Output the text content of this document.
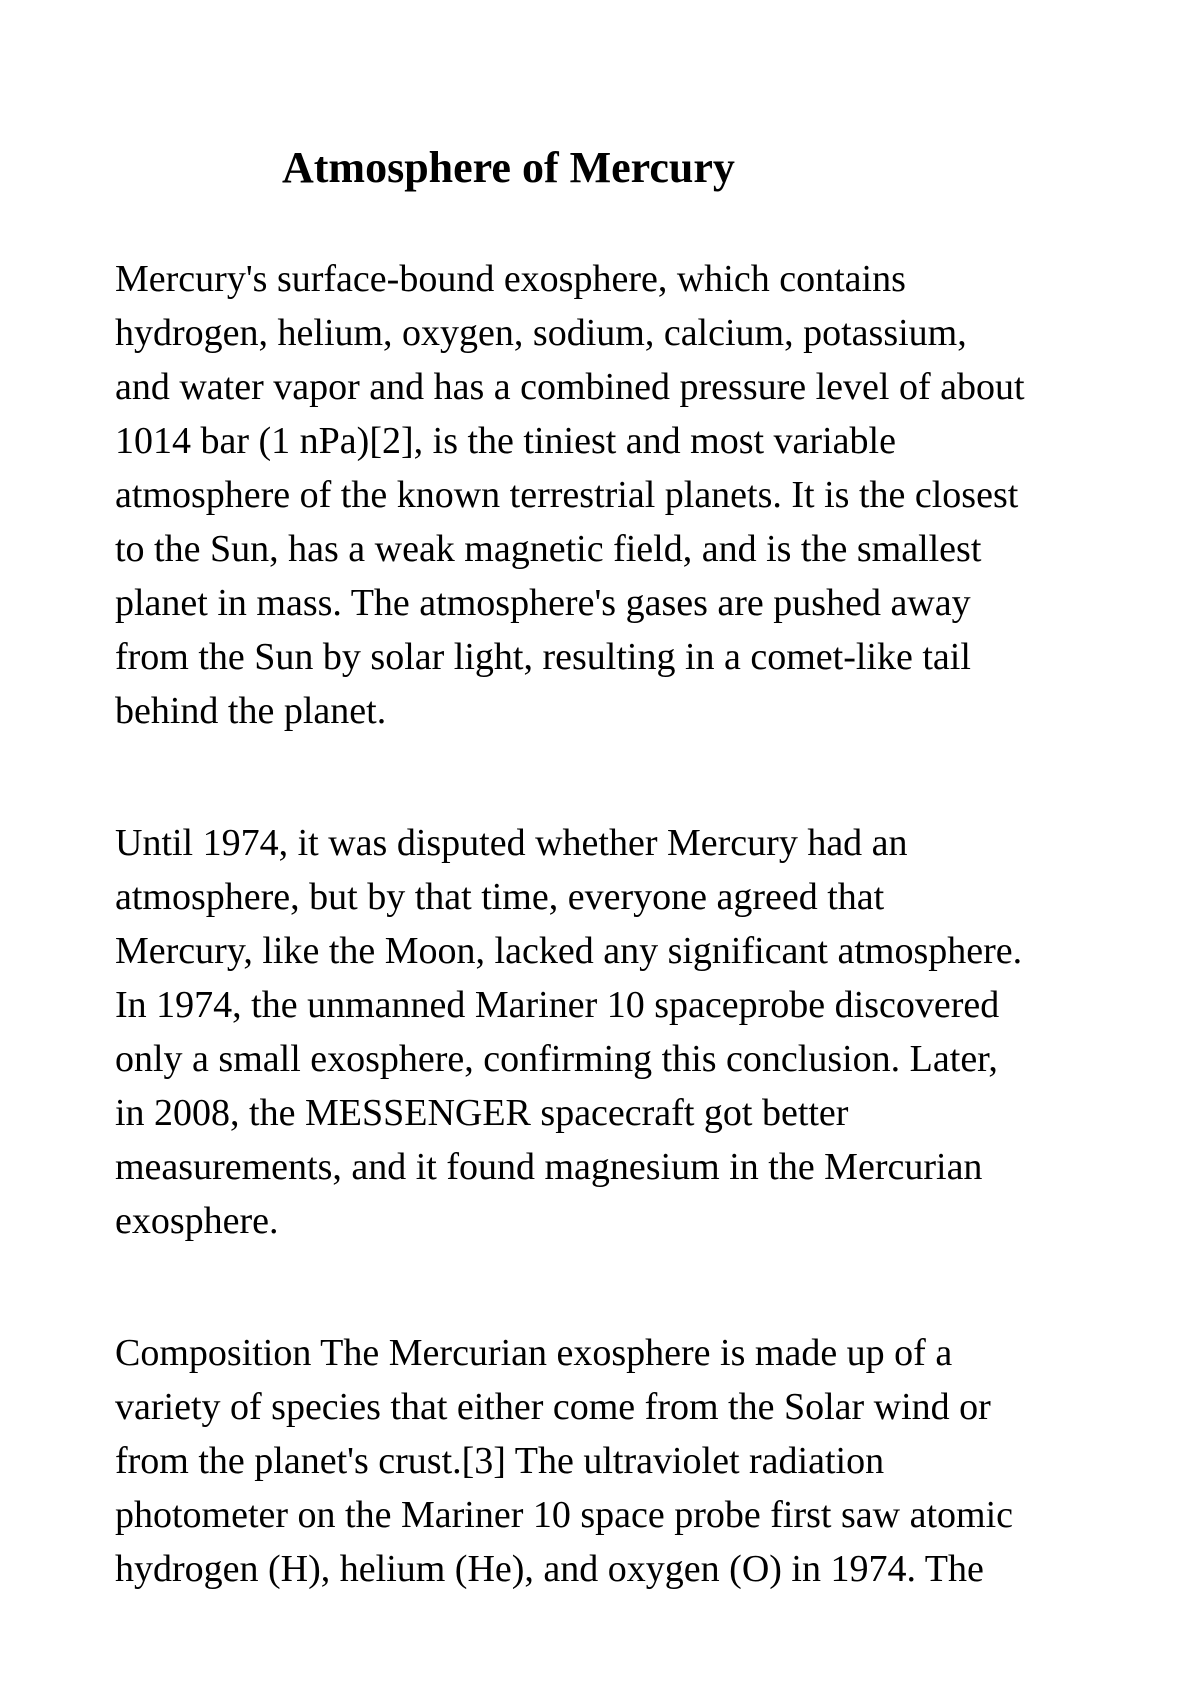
Atmosphere of Mercury

Mercury's surface-bound exosphere, which contains
hydrogen, helium, oxygen, sodium, calcium, potassium,
and water vapor and has a combined pressure level of about
1014 bar (1 nPa)[2], is the tiniest and most variable
atmosphere of the known terrestrial planets. It is the closest
to the Sun, has a weak magnetic field, and is the smallest
planet in mass. The atmosphere's gases are pushed away
from the Sun by solar light, resulting in a comet-like tail
behind the planet.

Until 1974, it was disputed whether Mercury had an
atmosphere, but by that time, everyone agreed that
Mercury, like the Moon, lacked any significant atmosphere.
In 1974, the unmanned Mariner 10 spaceprobe discovered
only a small exosphere, confirming this conclusion. Later,
in 2008, the MESSENGER spacecraft got better
measurements, and it found magnesium in the Mercurian
exosphere.

Composition The Mercurian exosphere is made up of a
variety of species that either come from the Solar wind or
from the planet's crust.[3] The ultraviolet radiation
photometer on the Mariner 10 space probe first saw atomic
hydrogen (H), helium (He), and oxygen (O) in 1974. The
